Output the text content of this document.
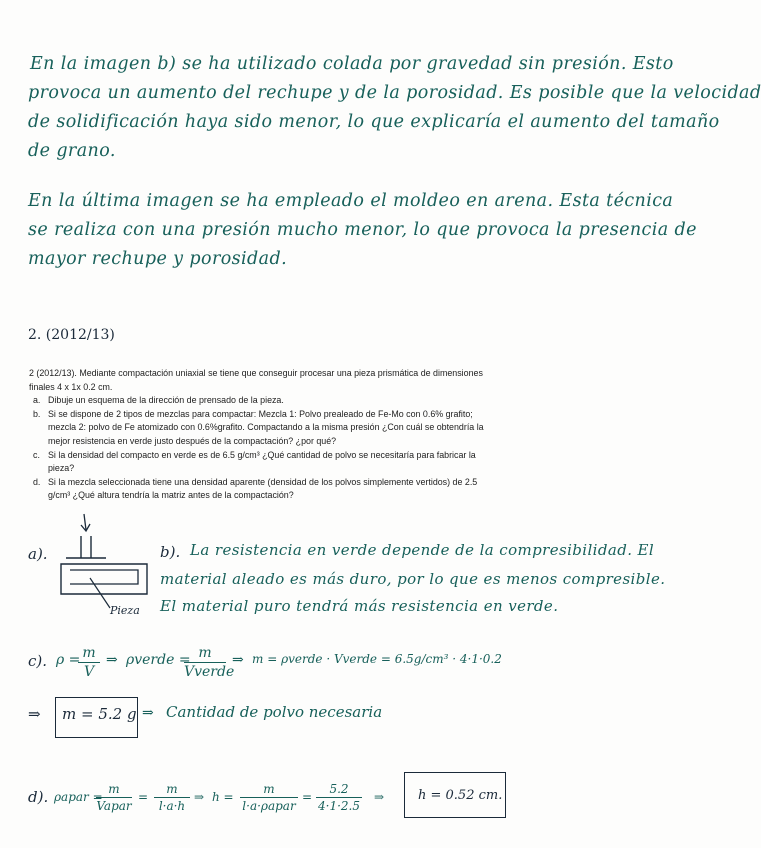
En la imagen b) se ha utilizado colada por gravedad sin presión. Esto
provoca un aumento del rechupe y de la porosidad. Es posible que la velocidad
de solidificación haya sido menor, lo que explicaría el aumento del tamaño
de grano.
En la última imagen se ha empleado el moldeo en arena. Esta técnica
se realiza con una presión mucho menor, lo que provoca la presencia de
mayor rechupe y porosidad.
2. (2012/13)
2 (2012/13). Mediante compactación uniaxial se tiene que conseguir procesar una pieza prismática de dimensiones
finales 4 x 1x 0.2 cm.
a. Dibuje un esquema de la dirección de prensado de la pieza.
b. Si se dispone de 2 tipos de mezclas para compactar: Mezcla 1: Polvo prealeado de Fe-Mo con 0.6% grafito;
mezcla 2: polvo de Fe atomizado con 0.6%grafito. Compactando a la misma presión ¿Con cuál se obtendría la
mejor resistencia en verde justo después de la compactación? ¿por qué?
c. Si la densidad del compacto en verde es de 6.5 g/cm³ ¿Qué cantidad de polvo se necesitaría para fabricar la
pieza?
d. Si la mezcla seleccionada tiene una densidad aparente (densidad de los polvos simplemente vertidos) de 2.5
g/cm³ ¿Qué altura tendría la matriz antes de la compactación?
a).
Pieza
b). La resistencia en verde depende de la compresibilidad. El
material aleado es más duro, por lo que es menos compresible.
El material puro tendrá más resistencia en verde.
c). ρ = m
V
⇒ ρverde = m
Vverde
⇒ m = ρverde · Vverde = 6.5g/cm³ · 4·1·0.2
⇒ m = 5.2 g ⇒ Cantidad de polvo necesaria
d). ρapar =
m
Vapar
=
m
l·a·h
⇒ h =
m
l·a·ρapar
=
5.2
4·1·2.5
⇒	h = 0.52 cm.
